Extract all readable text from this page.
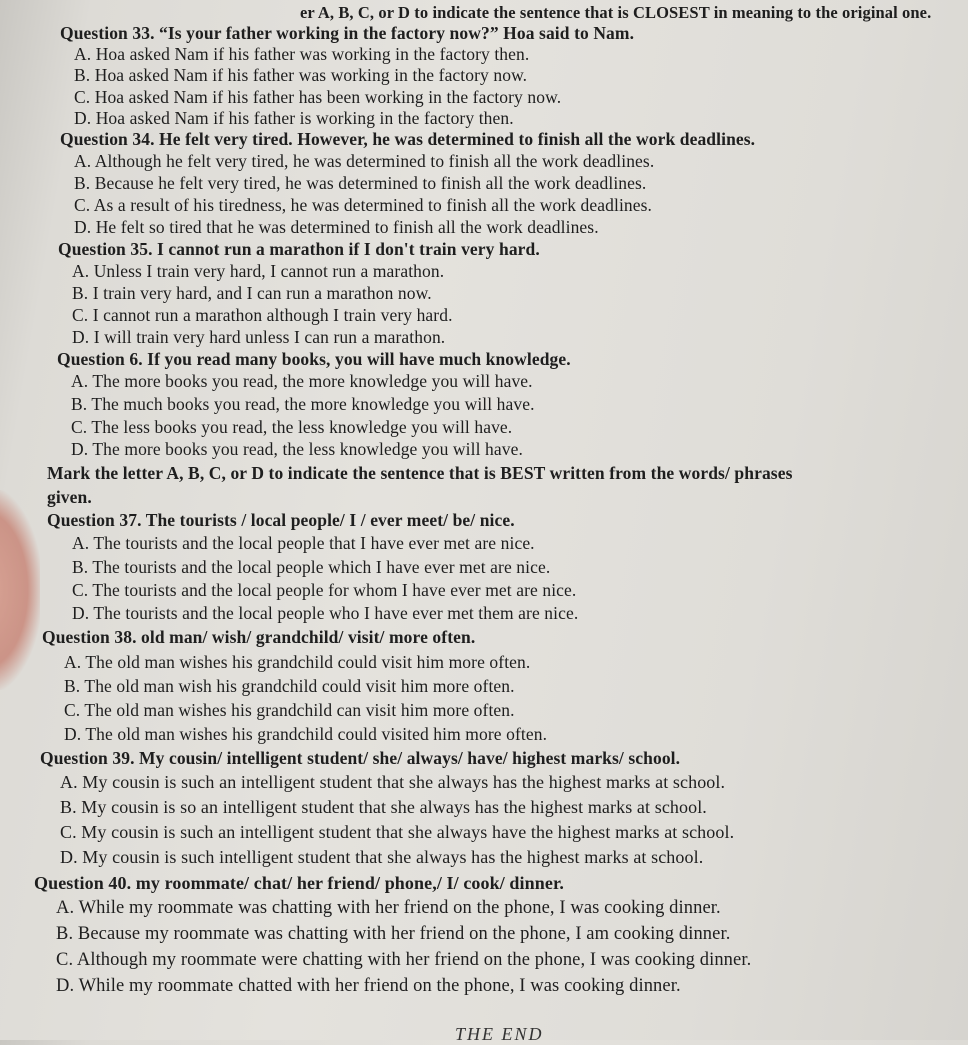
er A, B, C, or D to indicate the sentence that is CLOSEST in meaning to the original one.
Question 33. “Is your father working in the factory now?” Hoa said to Nam.
A. Hoa asked Nam if his father was working in the factory then.
B. Hoa asked Nam if his father was working in the factory now.
C. Hoa asked Nam if his father has been working in the factory now.
D. Hoa asked Nam if his father is working in the factory then.
Question 34. He felt very tired. However, he was determined to finish all the work deadlines.
A. Although he felt very tired, he was determined to finish all the work deadlines.
B. Because he felt very tired, he was determined to finish all the work deadlines.
C. As a result of his tiredness, he was determined to finish all the work deadlines.
D. He felt so tired that he was determined to finish all the work deadlines.
Question 35. I cannot run a marathon if I don't train very hard.
A. Unless I train very hard, I cannot run a marathon.
B. I train very hard, and I can run a marathon now.
C. I cannot run a marathon although I train very hard.
D. I will train very hard unless I can run a marathon.
Question 6. If you read many books, you will have much knowledge.
A. The more books you read, the more knowledge you will have.
B. The much books you read, the more knowledge you will have.
C. The less books you read, the less knowledge you will have.
D. The more books you read, the less knowledge you will have.
Mark the letter A, B, C, or D to indicate the sentence that is BEST written from the words/ phrases
given.
Question 37. The tourists / local people/ I / ever meet/ be/ nice.
A. The tourists and the local people that I have ever met are nice.
B. The tourists and the local people which I have ever met are nice.
C. The tourists and the local people for whom I have ever met are nice.
D. The tourists and the local people who I have ever met them are nice.
Question 38. old man/ wish/ grandchild/ visit/ more often.
A. The old man wishes his grandchild could visit him more often.
B. The old man wish his grandchild could visit him more often.
C. The old man wishes his grandchild can visit him more often.
D. The old man wishes his grandchild could visited him more often.
Question 39. My cousin/ intelligent student/ she/ always/ have/ highest marks/ school.
A. My cousin is such an intelligent student that she always has the highest marks at school.
B. My cousin is so an intelligent student that she always has the highest marks at school.
C. My cousin is such an intelligent student that she always have the highest marks at school.
D. My cousin is such intelligent student that she always has the highest marks at school.
Question 40. my roommate/ chat/ her friend/ phone,/ I/ cook/ dinner.
A. While my roommate was chatting with her friend on the phone, I was cooking dinner.
B. Because my roommate was chatting with her friend on the phone, I am cooking dinner.
C. Although my roommate were chatting with her friend on the phone, I was cooking dinner.
D. While my roommate chatted with her friend on the phone, I was cooking dinner.
THE END
